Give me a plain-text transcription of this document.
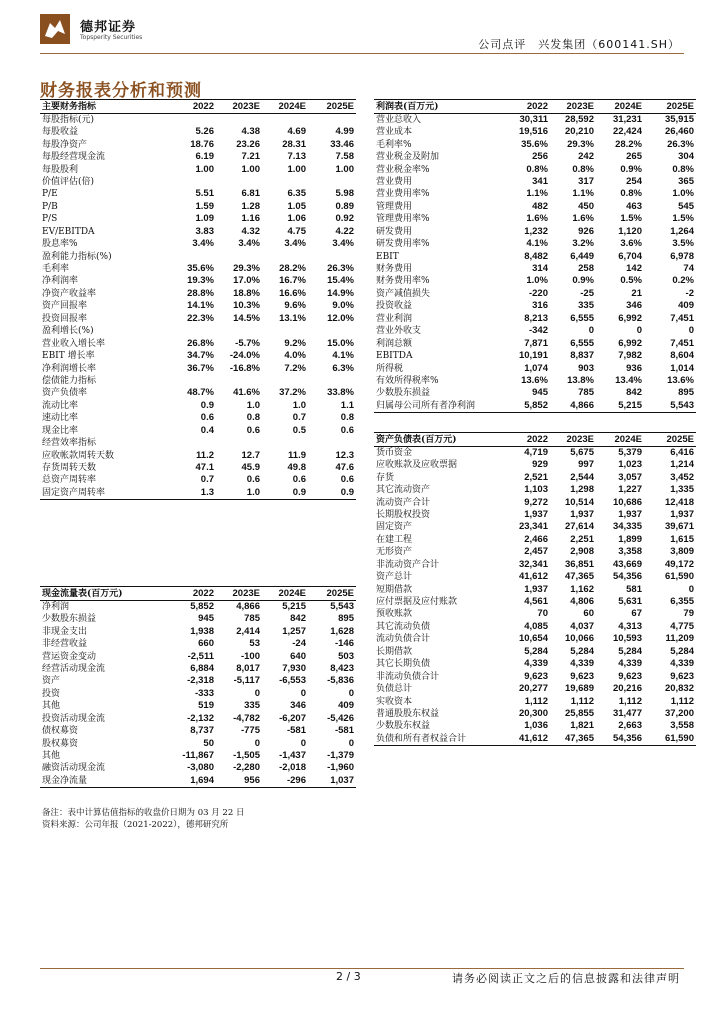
德邦证券
Topsperity Securities
公司点评　兴发集团（600141.SH）
财务报表分析和预测
主要财务指标	2022	2023E	2024E	2025E
每股指标(元)				
每股收益	5.26	4.38	4.69	4.99
每股净资产	18.76	23.26	28.31	33.46
每股经营现金流	6.19	7.21	7.13	7.58
每股股利	1.00	1.00	1.00	1.00
价值评估(倍)				
P/E	5.51	6.81	6.35	5.98
P/B	1.59	1.28	1.05	0.89
P/S	1.09	1.16	1.06	0.92
EV/EBITDA	3.83	4.32	4.75	4.22
股息率%	3.4%	3.4%	3.4%	3.4%
盈利能力指标(%)				
毛利率	35.6%	29.3%	28.2%	26.3%
净利润率	19.3%	17.0%	16.7%	15.4%
净资产收益率	28.8%	18.8%	16.6%	14.9%
资产回报率	14.1%	10.3%	9.6%	9.0%
投资回报率	22.3%	14.5%	13.1%	12.0%
盈利增长(%)				
营业收入增长率	26.8%	-5.7%	9.2%	15.0%
EBIT 增长率	34.7%	-24.0%	4.0%	4.1%
净利润增长率	36.7%	-16.8%	7.2%	6.3%
偿债能力指标				
资产负债率	48.7%	41.6%	37.2%	33.8%
流动比率	0.9	1.0	1.0	1.1
速动比率	0.6	0.8	0.7	0.8
现金比率	0.4	0.6	0.5	0.6
经营效率指标				
应收帐款周转天数	11.2	12.7	11.9	12.3
存货周转天数	47.1	45.9	49.8	47.6
总资产周转率	0.7	0.6	0.6	0.6
固定资产周转率	1.3	1.0	0.9	0.9
利润表(百万元)	2022	2023E	2024E	2025E
营业总收入	30,311	28,592	31,231	35,915
营业成本	19,516	20,210	22,424	26,460
毛利率%	35.6%	29.3%	28.2%	26.3%
营业税金及附加	256	242	265	304
营业税金率%	0.8%	0.8%	0.9%	0.8%
营业费用	341	317	254	365
营业费用率%	1.1%	1.1%	0.8%	1.0%
管理费用	482	450	463	545
管理费用率%	1.6%	1.6%	1.5%	1.5%
研发费用	1,232	926	1,120	1,264
研发费用率%	4.1%	3.2%	3.6%	3.5%
EBIT	8,482	6,449	6,704	6,978
财务费用	314	258	142	74
财务费用率%	1.0%	0.9%	0.5%	0.2%
资产减值损失	-220	-25	21	-2
投资收益	316	335	346	409
营业利润	8,213	6,555	6,992	7,451
营业外收支	-342	0	0	0
利润总额	7,871	6,555	6,992	7,451
EBITDA	10,191	8,837	7,982	8,604
所得税	1,074	903	936	1,014
有效所得税率%	13.6%	13.8%	13.4%	13.6%
少数股东损益	945	785	842	895
归属母公司所有者净利润	5,852	4,866	5,215	5,543
资产负债表(百万元)	2022	2023E	2024E	2025E
货币资金	4,719	5,675	5,379	6,416
应收账款及应收票据	929	997	1,023	1,214
存货	2,521	2,544	3,057	3,452
其它流动资产	1,103	1,298	1,227	1,335
流动资产合计	9,272	10,514	10,686	12,418
长期股权投资	1,937	1,937	1,937	1,937
固定资产	23,341	27,614	34,335	39,671
在建工程	2,466	2,251	1,899	1,615
无形资产	2,457	2,908	3,358	3,809
非流动资产合计	32,341	36,851	43,669	49,172
资产总计	41,612	47,365	54,356	61,590
短期借款	1,937	1,162	581	0
应付票据及应付账款	4,561	4,806	5,631	6,355
预收账款	70	60	67	79
其它流动负债	4,085	4,037	4,313	4,775
流动负债合计	10,654	10,066	10,593	11,209
长期借款	5,284	5,284	5,284	5,284
其它长期负债	4,339	4,339	4,339	4,339
非流动负债合计	9,623	9,623	9,623	9,623
负债总计	20,277	19,689	20,216	20,832
实收资本	1,112	1,112	1,112	1,112
普通股股东权益	20,300	25,855	31,477	37,200
少数股东权益	1,036	1,821	2,663	3,558
负债和所有者权益合计	41,612	47,365	54,356	61,590
现金流量表(百万元)	2022	2023E	2024E	2025E
净利润	5,852	4,866	5,215	5,543
少数股东损益	945	785	842	895
非现金支出	1,938	2,414	1,257	1,628
非经营收益	660	53	-24	-146
营运资金变动	-2,511	-100	640	503
经营活动现金流	6,884	8,017	7,930	8,423
资产	-2,318	-5,117	-6,553	-5,836
投资	-333	0	0	0
其他	519	335	346	409
投资活动现金流	-2,132	-4,782	-6,207	-5,426
债权募资	8,737	-775	-581	-581
股权募资	50	0	0	0
其他	-11,867	-1,505	-1,437	-1,379
融资活动现金流	-3,080	-2,280	-2,018	-1,960
现金净流量	1,694	956	-296	1,037
备注：表中计算估值指标的收盘价日期为 03 月 22 日
资料来源：公司年报（2021-2022），德邦研究所
2 / 3	请务必阅读正文之后的信息披露和法律声明
